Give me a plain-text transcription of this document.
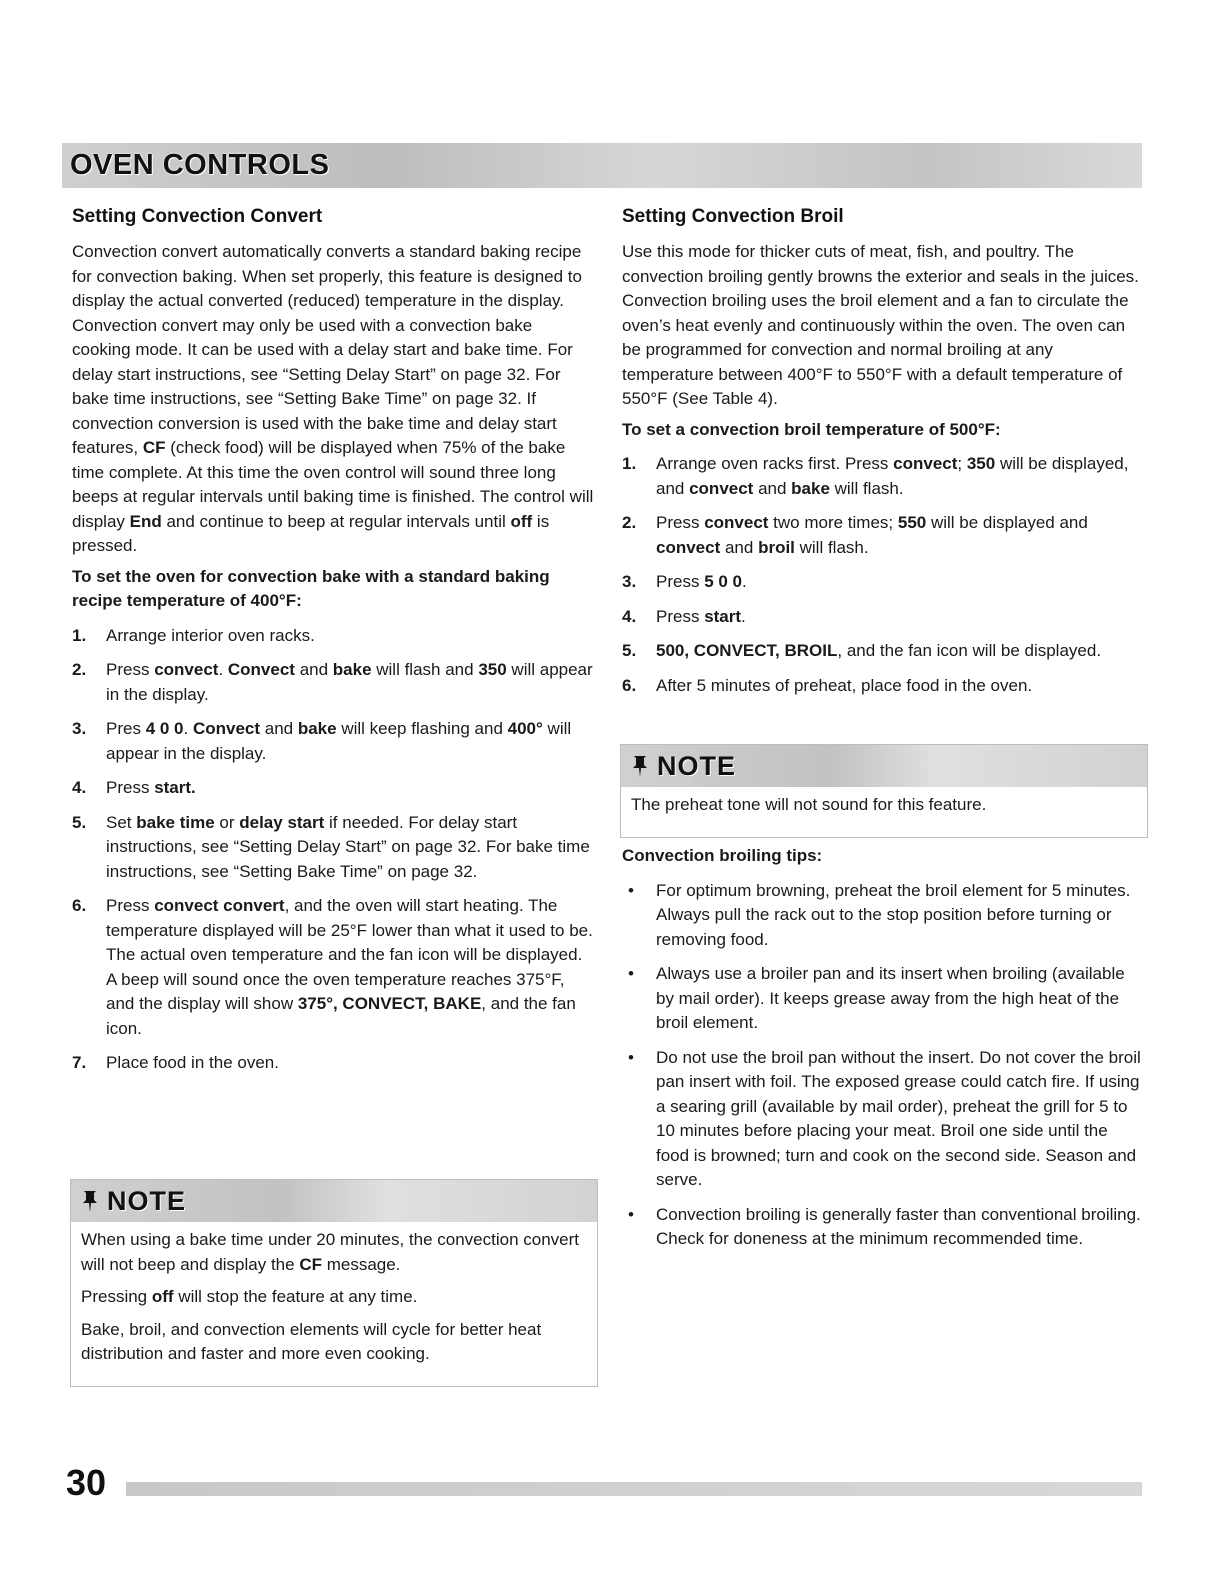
OVEN CONTROLS
Setting Convection Convert

Convection convert automatically converts a standard baking recipe for convection baking. When set properly, this feature is designed to display the actual converted (reduced) temperature in the display. Convection convert may only be used with a convection bake cooking mode. It can be used with a delay start and bake time. For delay start instructions, see “Setting Delay Start” on page 32. For bake time instructions, see “Setting Bake Time” on page 32. If convection conversion is used with the bake time and delay start features, CF (check food) will be displayed when 75% of the bake time complete. At this time the oven control will sound three long beeps at regular intervals until baking time is finished. The control will display End and continue to beep at regular intervals until off is pressed.

To set the oven for convection bake with a standard baking recipe temperature of 400°F:
1. Arrange interior oven racks.
2. Press convect. Convect and bake will flash and 350 will appear in the display.
3. Pres 4 0 0. Convect and bake will keep flashing and 400° will appear in the display.
4. Press start.
5. Set bake time or delay start if needed. For delay start instructions, see “Setting Delay Start” on page 32. For bake time instructions, see “Setting Bake Time” on page 32.
6. Press convect convert, and the oven will start heating. The temperature displayed will be 25°F lower than what it used to be. The actual oven temperature and the fan icon will be displayed. A beep will sound once the oven temperature reaches 375°F, and the display will show 375°, CONVECT, BAKE, and the fan icon.
7. Place food in the oven.
NOTE

When using a bake time under 20 minutes, the convection convert will not beep and display the CF message.

Pressing off will stop the feature at any time.

Bake, broil, and convection elements will cycle for better heat distribution and faster and more even cooking.

Setting Convection Broil

Use this mode for thicker cuts of meat, fish, and poultry. The convection broiling gently browns the exterior and seals in the juices. Convection broiling uses the broil element and a fan to circulate the oven’s heat evenly and continuously within the oven. The oven can be programmed for convection and normal broiling at any temperature between 400°F to 550°F with a default temperature of 550°F (See Table 4).

To set a convection broil temperature of 500°F:
1. Arrange oven racks first. Press convect; 350 will be displayed, and convect and bake will flash.
2. Press convect two more times; 550 will be displayed and convect and broil will flash.
3. Press 5 0 0.
4. Press start.
5. 500, CONVECT, BROIL, and the fan icon will be displayed.
6. After 5 minutes of preheat, place food in the oven.
NOTE

The preheat tone will not sound for this feature.

Convection broiling tips:
• For optimum browning, preheat the broil element for 5 minutes. Always pull the rack out to the stop position before turning or removing food.
• Always use a broiler pan and its insert when broiling (available by mail order). It keeps grease away from the high heat of the broil element.
• Do not use the broil pan without the insert. Do not cover the broil pan insert with foil. The exposed grease could catch fire. If using a searing grill (available by mail order), preheat the grill for 5 to 10 minutes before placing your meat. Broil one side until the food is browned; turn and cook on the second side. Season and serve.
• Convection broiling is generally faster than conventional broiling. Check for doneness at the minimum recommended time.
30
